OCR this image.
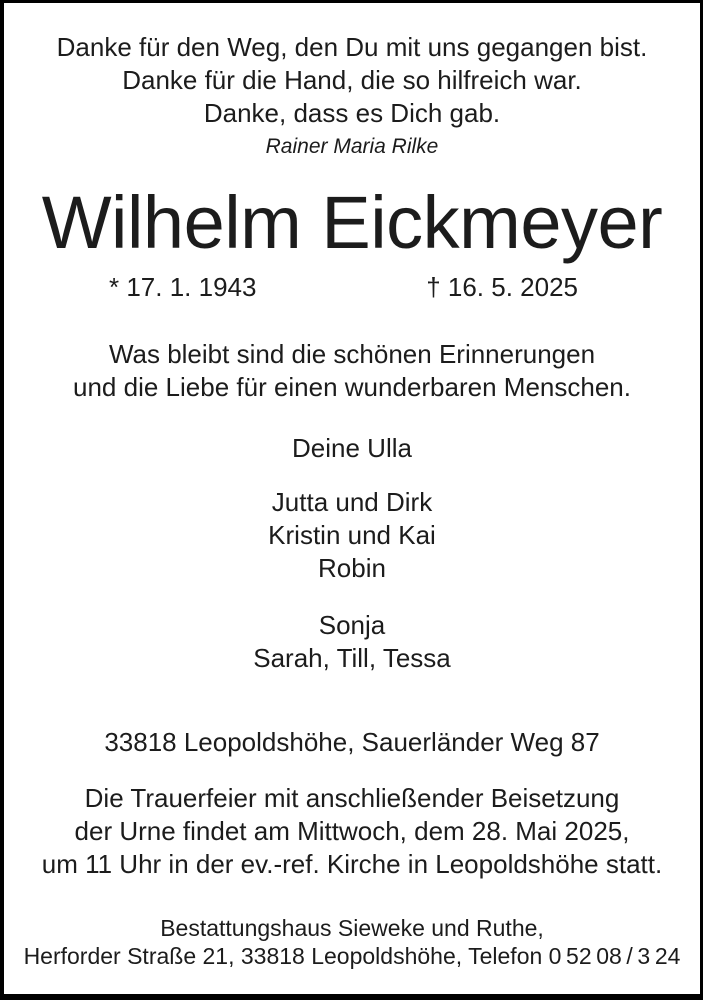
Danke für den Weg, den Du mit uns gegangen bist.
Danke für die Hand, die so hilfreich war.
Danke, dass es Dich gab.
Rainer Maria Rilke
Wilhelm Eickmeyer
* 17. 1. 1943	† 16. 5. 2025
Was bleibt sind die schönen Erinnerungen
und die Liebe für einen wunderbaren Menschen.
Deine Ulla
Jutta und Dirk
Kristin und Kai
Robin
Sonja
Sarah, Till, Tessa
33818 Leopoldshöhe, Sauerländer Weg 87
Die Trauerfeier mit anschließender Beisetzung
der Urne findet am Mittwoch, dem 28. Mai 2025,
um 11 Uhr in der ev.-ref. Kirche in Leopoldshöhe statt.
Bestattungshaus Sieweke und Ruthe,
Herforder Straße 21, 33818 Leopoldshöhe, Telefon 0 52 08 / 3 24
